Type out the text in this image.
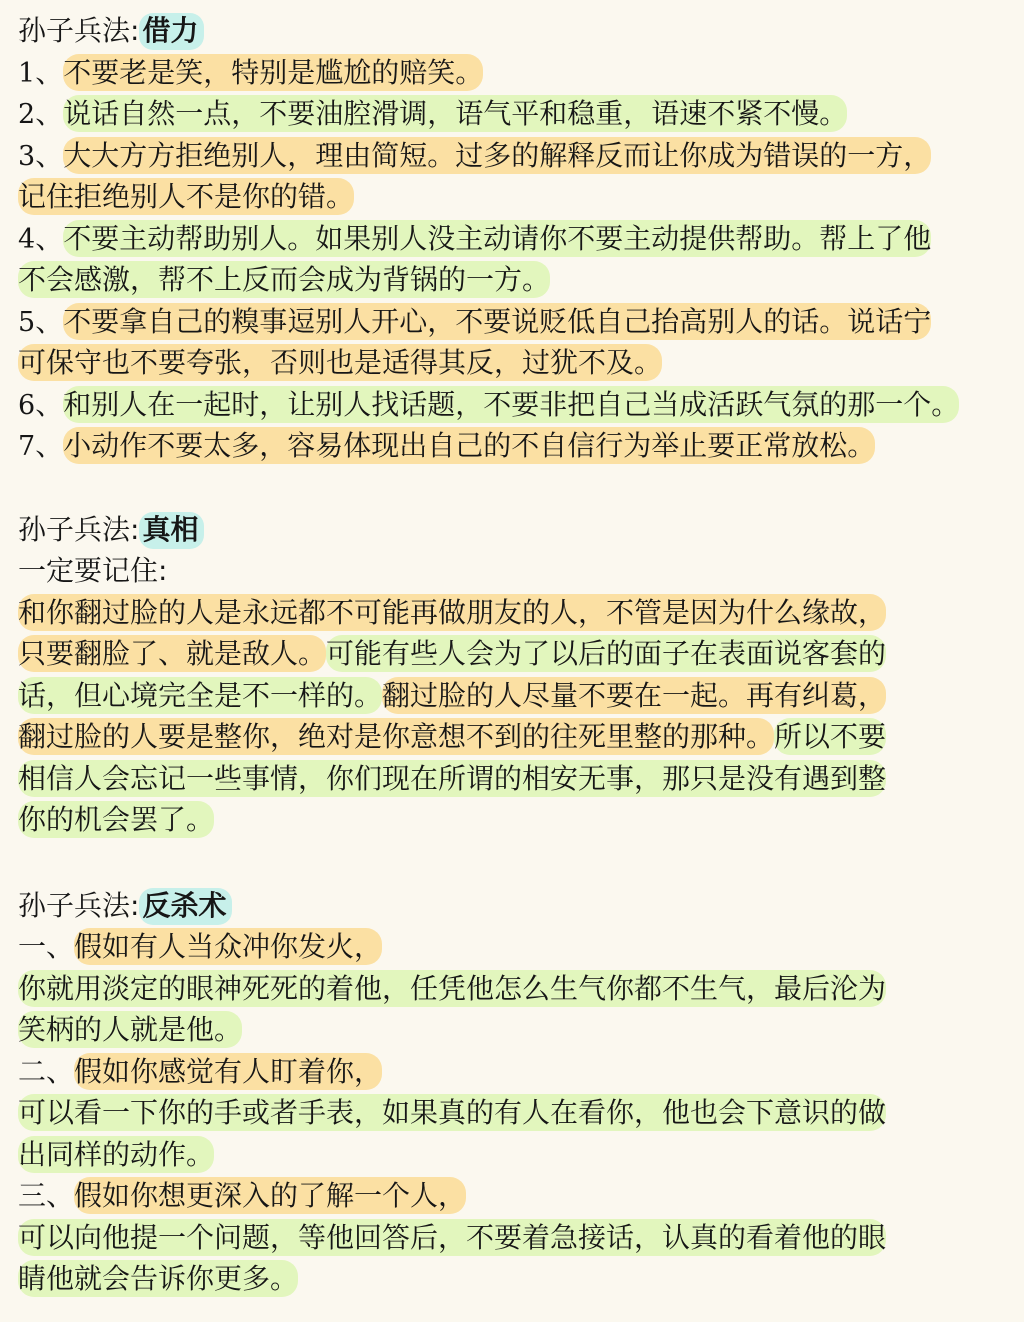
孙子兵法: 借力
1、不要老是笑，特别是尴尬的赔笑。
2、说话自然一点，不要油腔滑调，语气平和稳重，语速不紧不慢。
3、大大方方拒绝别人，理由简短。过多的解释反而让你成为错误的一方，
记住拒绝别人不是你的错。
4、不要主动帮助别人。如果别人没主动请你不要主动提供帮助。帮上了他
不会感激，帮不上反而会成为背锅的一方。
5、不要拿自己的糗事逗别人开心，不要说贬低自己抬高别人的话。说话宁
可保守也不要夸张，否则也是适得其反，过犹不及。
6、和别人在一起时，让别人找话题，不要非把自己当成活跃气氛的那一个。
7、小动作不要太多，容易体现出自己的不自信行为举止要正常放松。
孙子兵法: 真相
一定要记住:
和你翻过脸的人是永远都不可能再做朋友的人，不管是因为什么缘故，
只要翻脸了、就是敌人。可能有些人会为了以后的面子在表面说客套的
话，但心境完全是不一样的。翻过脸的人尽量不要在一起。再有纠葛，
翻过脸的人要是整你，绝对是你意想不到的往死里整的那种。所以不要
相信人会忘记一些事情，你们现在所谓的相安无事，那只是没有遇到整
你的机会罢了。
孙子兵法: 反杀术
一、假如有人当众冲你发火，
你就用淡定的眼神死死的着他，任凭他怎么生气你都不生气，最后沦为
笑柄的人就是他。
二、假如你感觉有人盯着你，
可以看一下你的手或者手表，如果真的有人在看你，他也会下意识的做
出同样的动作。
三、假如你想更深入的了解一个人，
可以向他提一个问题，等他回答后，不要着急接话，认真的看着他的眼
睛他就会告诉你更多。
